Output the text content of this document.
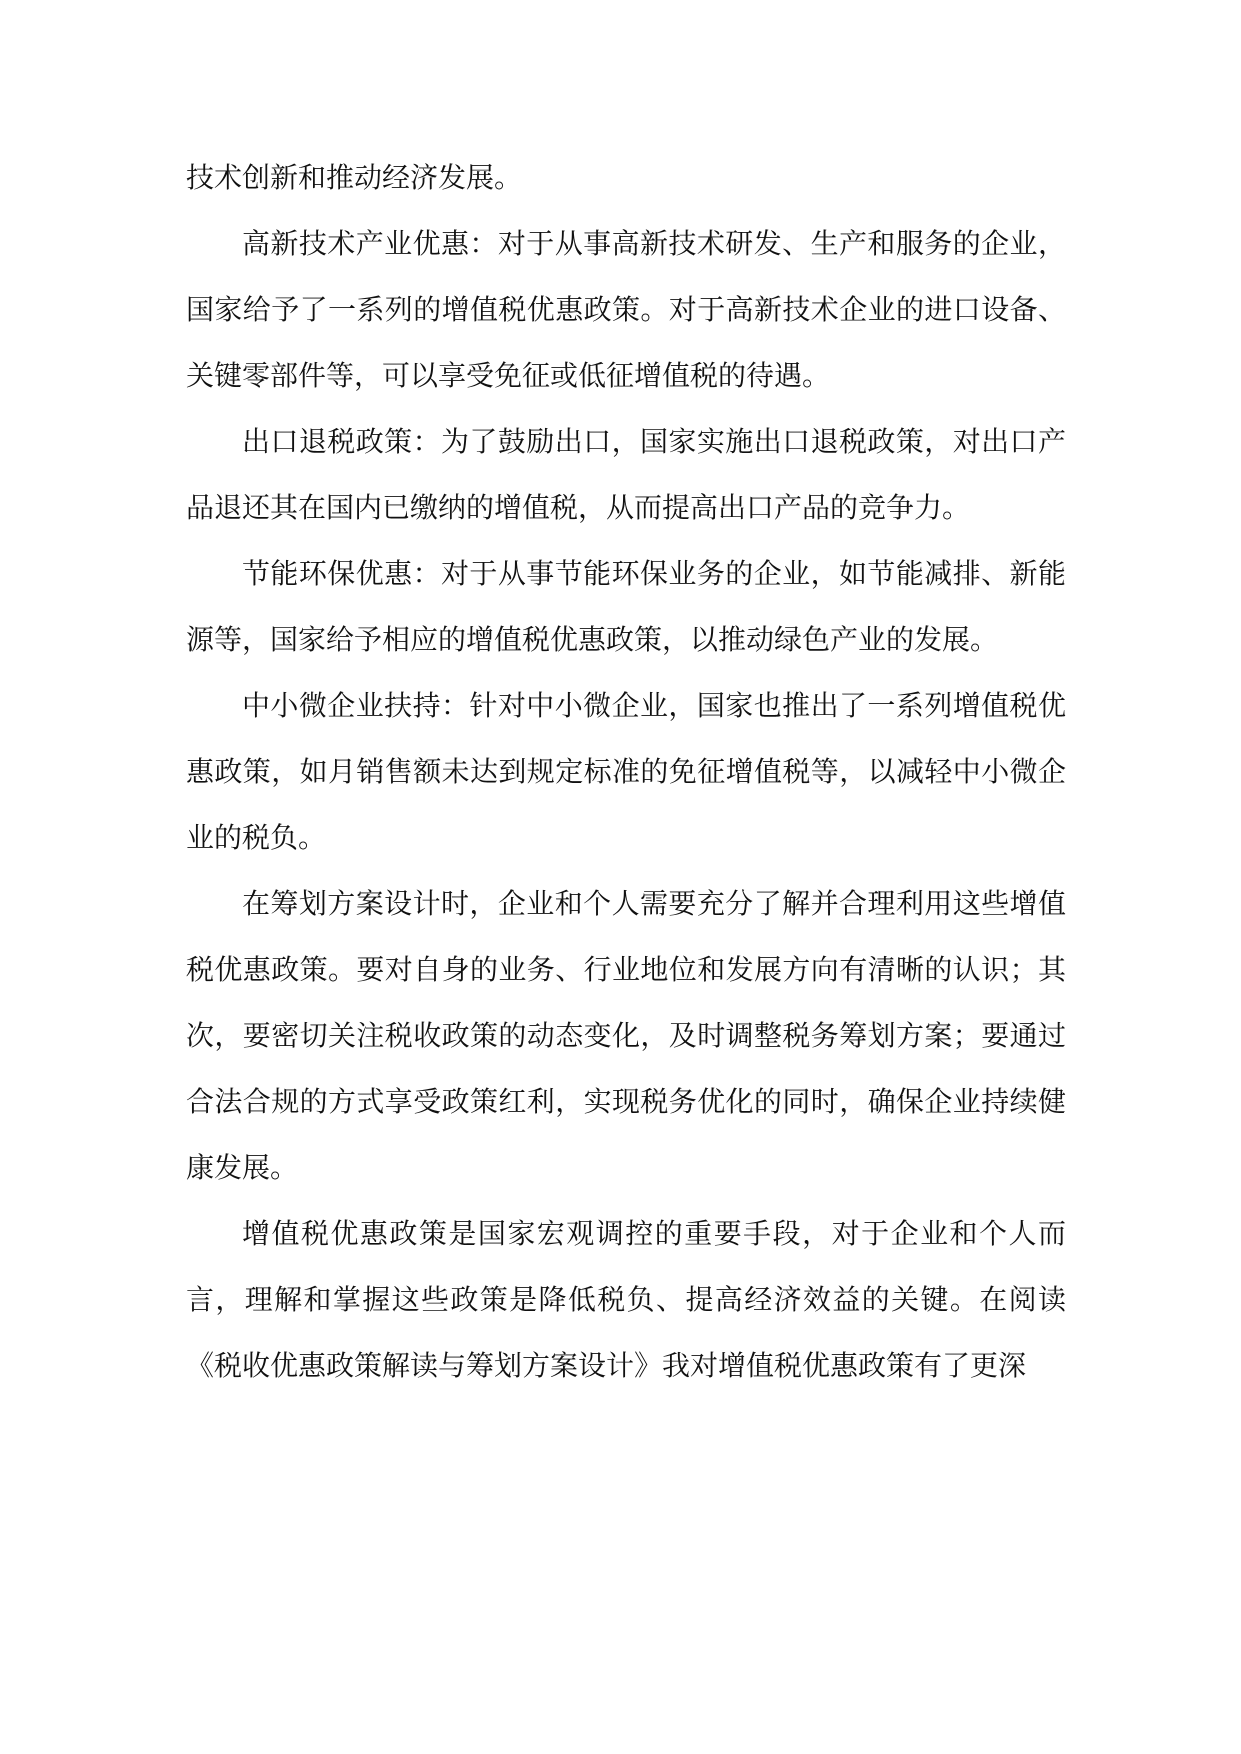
技术创新和推动经济发展。

高新技术产业优惠：对于从事高新技术研发、生产和服务的企业，国家给予了一系列的增值税优惠政策。对于高新技术企业的进口设备、关键零部件等，可以享受免征或低征增值税的待遇。

出口退税政策：为了鼓励出口，国家实施出口退税政策，对出口产品退还其在国内已缴纳的增值税，从而提高出口产品的竞争力。

节能环保优惠：对于从事节能环保业务的企业，如节能减排、新能源等，国家给予相应的增值税优惠政策，以推动绿色产业的发展。

中小微企业扶持：针对中小微企业，国家也推出了一系列增值税优惠政策，如月销售额未达到规定标准的免征增值税等，以减轻中小微企业的税负。

在筹划方案设计时，企业和个人需要充分了解并合理利用这些增值税优惠政策。要对自身的业务、行业地位和发展方向有清晰的认识；其次，要密切关注税收政策的动态变化，及时调整税务筹划方案；要通过合法合规的方式享受政策红利，实现税务优化的同时，确保企业持续健康发展。

增值税优惠政策是国家宏观调控的重要手段，对于企业和个人而言，理解和掌握这些政策是降低税负、提高经济效益的关键。在阅读《税收优惠政策解读与筹划方案设计》我对增值税优惠政策有了更深
